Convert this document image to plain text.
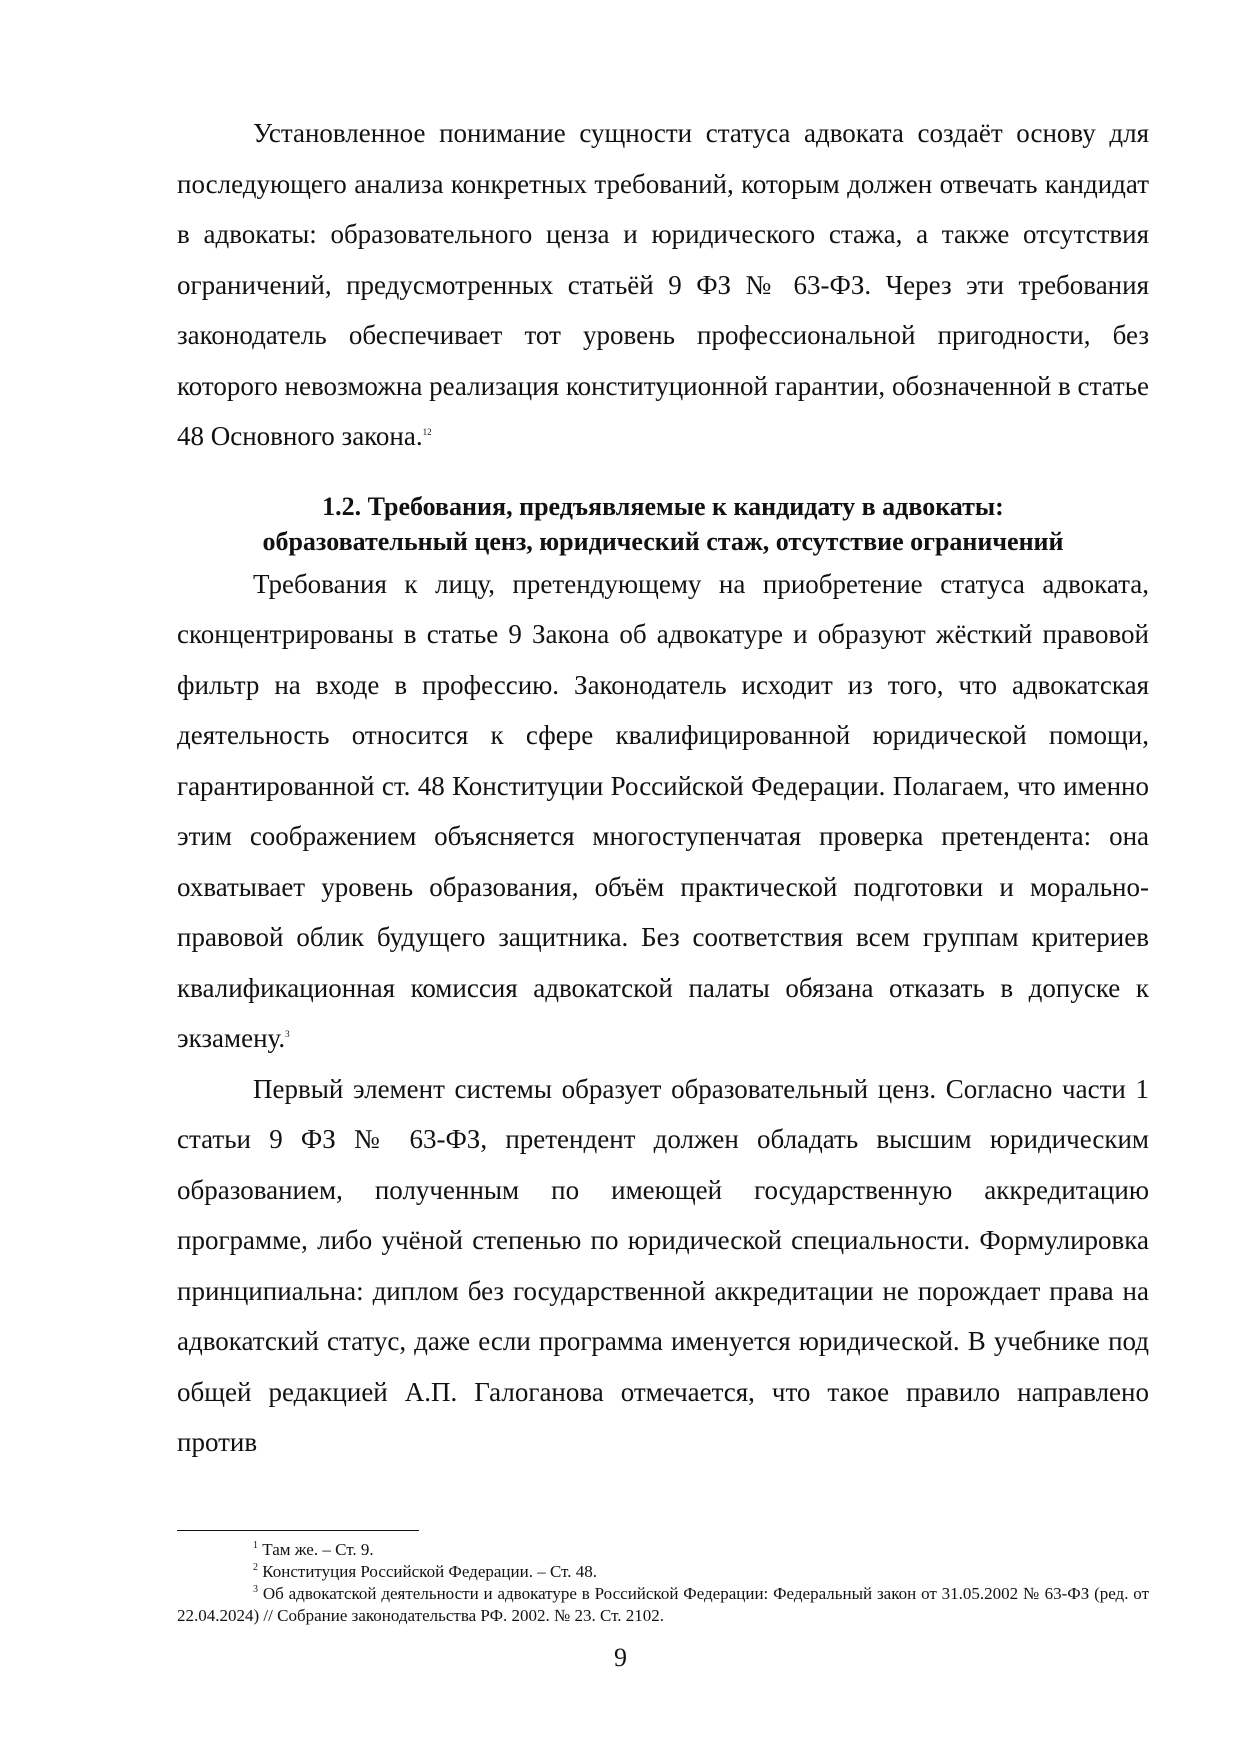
Установленное понимание сущности статуса адвоката создаёт основу для последующего анализа конкретных требований, которым должен отвечать кандидат в адвокаты: образовательного ценза и юридического стажа, а также отсутствия ограничений, предусмотренных статьёй 9 ФЗ № 63-ФЗ. Через эти требования законодатель обеспечивает тот уровень профессиональной пригодности, без которого невозможна реализация конституционной гарантии, обозначенной в статье 48 Основного закона.$^{12}$

1.2. Требования, предъявляемые к кандидату в адвокаты:
образовательный ценз, юридический стаж, отсутствие ограничений

Требования к лицу, претендующему на приобретение статуса адвоката, сконцентрированы в статье 9 Закона об адвокатуре и образуют жёсткий правовой фильтр на входе в профессию. Законодатель исходит из того, что адвокатская деятельность относится к сфере квалифицированной юридической помощи, гарантированной ст. 48 Конституции Российской Федерации. Полагаем, что именно этим соображением объясняется многоступенчатая проверка претендента: она охватывает уровень образования, объём практической подготовки и морально-правовой облик будущего защитника. Без соответствия всем группам критериев квалификационная комиссия адвокатской палаты обязана отказать в допуске к экзамену.$^3$

Первый элемент системы образует образовательный ценз. Согласно части 1 статьи 9 ФЗ № 63-ФЗ, претендент должен обладать высшим юридическим образованием, полученным по имеющей государственную аккредитацию программе, либо учёной степенью по юридической специальности. Формулировка принципиальна: диплом без государственной аккредитации не порождает права на адвокатский статус, даже если программа именуется юридической. В учебнике под общей редакцией А.П. Галоганова отмечается, что такое правило направлено против

$^1$ Там же. – Ст. 9.

$^2$ Конституция Российской Федерации. – Ст. 48.

$^3$ Об адвокатской деятельности и адвокатуре в Российской Федерации: Федеральный закон от 31.05.2002 № 63-ФЗ (ред. от 22.04.2024) // Собрание законодательства РФ. 2002. № 23. Ст. 2102.

9
